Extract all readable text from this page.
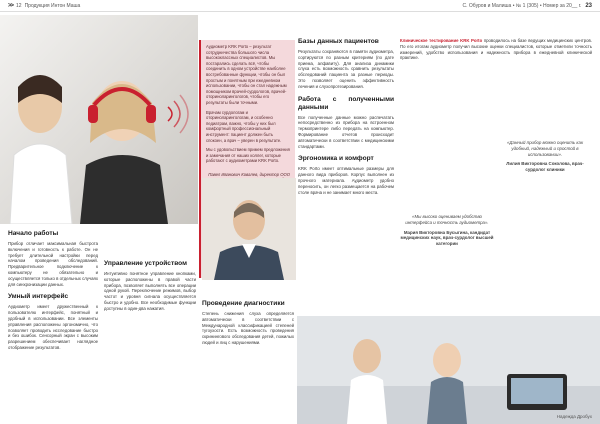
>> 12 Продукция Интон Маша	С. Обуров и Малиша • № 1 (305) • Номер за 20__ г. 23

Аудиометр KRK Porto – результат сотрудничества большого числа высококлассных специалистов. Мы постарались сделать всё, чтобы соединить в одном устройстве наиболее востребованные функции, чтобы он был простым и понятным при ежедневном использовании, чтобы он стал надежным помощником врачей-сурдологов, врачей-оториноларингологов, чтобы его результаты были точными.

Врачам сурдологам и оториноларингологам, и особенно педиатрам, важно, чтобы у них был комфортный профессиональный инструмент: пациент должен быть спокоен, а врач – уверен в результате.

Мы с удовольствием примем предложения и замечания от наших коллег, которые работают с аудиометрами KRK Porto.

Павел Иванович Ковалев, директор ООО
Начало работы

Прибор отличает максимальная быстрота включения и готовность к работе. Он не требует длительной настройки перед началом проведения обследований. Предварительное подключение к компьютеру не обязательно и осуществляется только в отдельных случаях для синхронизации данных.

Умный интерфейс

Аудиометр имеет дружественный к пользователю интерфейс, понятный и удобный в использовании. Все элементы управления расположены эргономично, что позволяет проводить исследование быстро и без ошибок. Сенсорный экран с высоким разрешением обеспечивает наглядное отображение результатов.

Управление устройством

Интуитивно понятное управление кнопками, которые расположены в правой части прибора, позволяет выполнять все операции одной рукой. Переключение режимов, выбор частот и уровня сигнала осуществляется быстро и удобно. Все необходимые функции доступны в один-два нажатия.

Проведение диагностики

Степень снижения слуха определяется автоматически в соответствии с Международной классификацией степеней тугоухости. Есть возможность проведения скринингового обследования детей, пожилых людей и лиц с нарушениями.

Базы данных пациентов

Результаты сохраняются в памяти аудиометра, сортируются по разным критериям (по дате приема, алфавиту). Для анализа динамики слуха есть возможность сравнить результаты обследований пациента за разные периоды. Это позволяет оценить эффективность лечения и слухопротезирования.

Работа с полученными данными

Все полученные данные можно распечатать непосредственно из прибора на встроенном термопринтере либо передать на компьютер. Формирование отчетов происходит автоматически в соответствии с медицинскими стандартами.

Эргономика и комфорт

KRK Porto имеет оптимальные размеры для данного вида приборов. Корпус выполнен из прочного материала. Аудиометр удобно переносить, он легко размещается на рабочем столе врача и не занимает много места.

Клиническое тестирование KRK Porto проводилось на базе ведущих медицинских центров. По его итогам аудиометр получил высокие оценки специалистов, которые отметили точность измерений, удобство использования и надежность прибора в ежедневной клинической практике.

«Данный прибор можно оценить как удобный, надежный и простой в использовании».
Лилия Викторовна Соколова, врач-сурдолог клиники
«Мы высоко оцениваем удобство интерфейса и точность аудиометра».
Мария Викторовна Бусыгина, кандидат медицинских наук, врач-сурдолог высшей категории
Надежда Дробух
